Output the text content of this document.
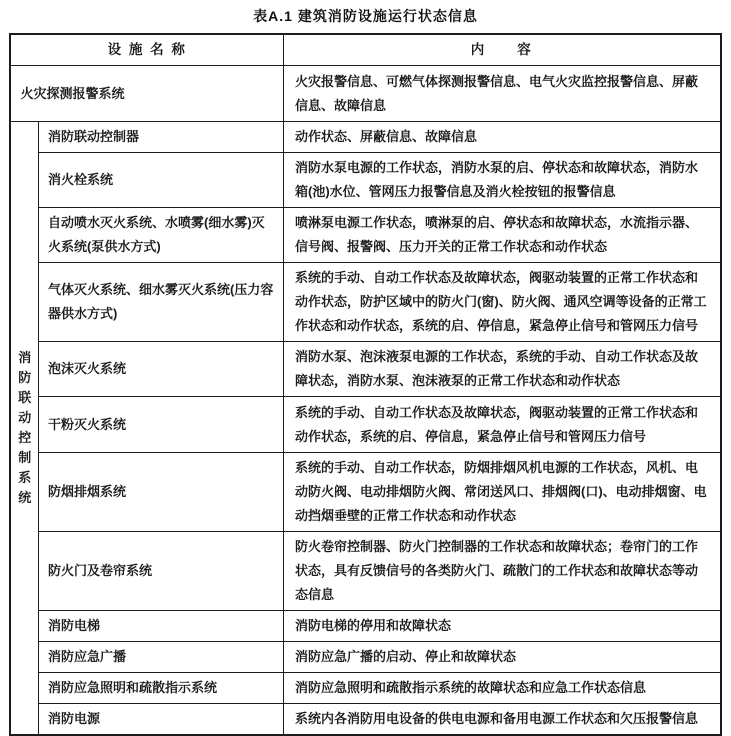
表A.1 建筑消防设施运行状态信息
设 施 名 称		内　　容
火灾探测报警系统		火灾报警信息、可燃气体探测报警信息、电气火灾监控报警信息、屏蔽信息、故障信息
消防联动控制系统	消防联动控制器	动作状态、屏蔽信息、故障信息
	消火栓系统	消防水泵电源的工作状态，消防水泵的启、停状态和故障状态，消防水箱(池)水位、管网压力报警信息及消火栓按钮的报警信息
	自动喷水灭火系统、水喷雾(细水雾)灭火系统(泵供水方式)	喷淋泵电源工作状态，喷淋泵的启、停状态和故障状态，水流指示器、信号阀、报警阀、压力开关的正常工作状态和动作状态
	气体灭火系统、细水雾灭火系统(压力容器供水方式)	系统的手动、自动工作状态及故障状态，阀驱动装置的正常工作状态和动作状态，防护区域中的防火门(窗)、防火阀、通风空调等设备的正常工作状态和动作状态，系统的启、停信息，紧急停止信号和管网压力信号
	泡沫灭火系统	消防水泵、泡沫液泵电源的工作状态，系统的手动、自动工作状态及故障状态，消防水泵、泡沫液泵的正常工作状态和动作状态
	干粉灭火系统	系统的手动、自动工作状态及故障状态，阀驱动装置的正常工作状态和动作状态，系统的启、停信息，紧急停止信号和管网压力信号
	防烟排烟系统	系统的手动、自动工作状态，防烟排烟风机电源的工作状态，风机、电动防火阀、电动排烟防火阀、常闭送风口、排烟阀(口)、电动排烟窗、电动挡烟垂壁的正常工作状态和动作状态
	防火门及卷帘系统	防火卷帘控制器、防火门控制器的工作状态和故障状态；卷帘门的工作状态，具有反馈信号的各类防火门、疏散门的工作状态和故障状态等动态信息
	消防电梯	消防电梯的停用和故障状态
	消防应急广播	消防应急广播的启动、停止和故障状态
	消防应急照明和疏散指示系统	消防应急照明和疏散指示系统的故障状态和应急工作状态信息
	消防电源	系统内各消防用电设备的供电电源和备用电源工作状态和欠压报警信息
